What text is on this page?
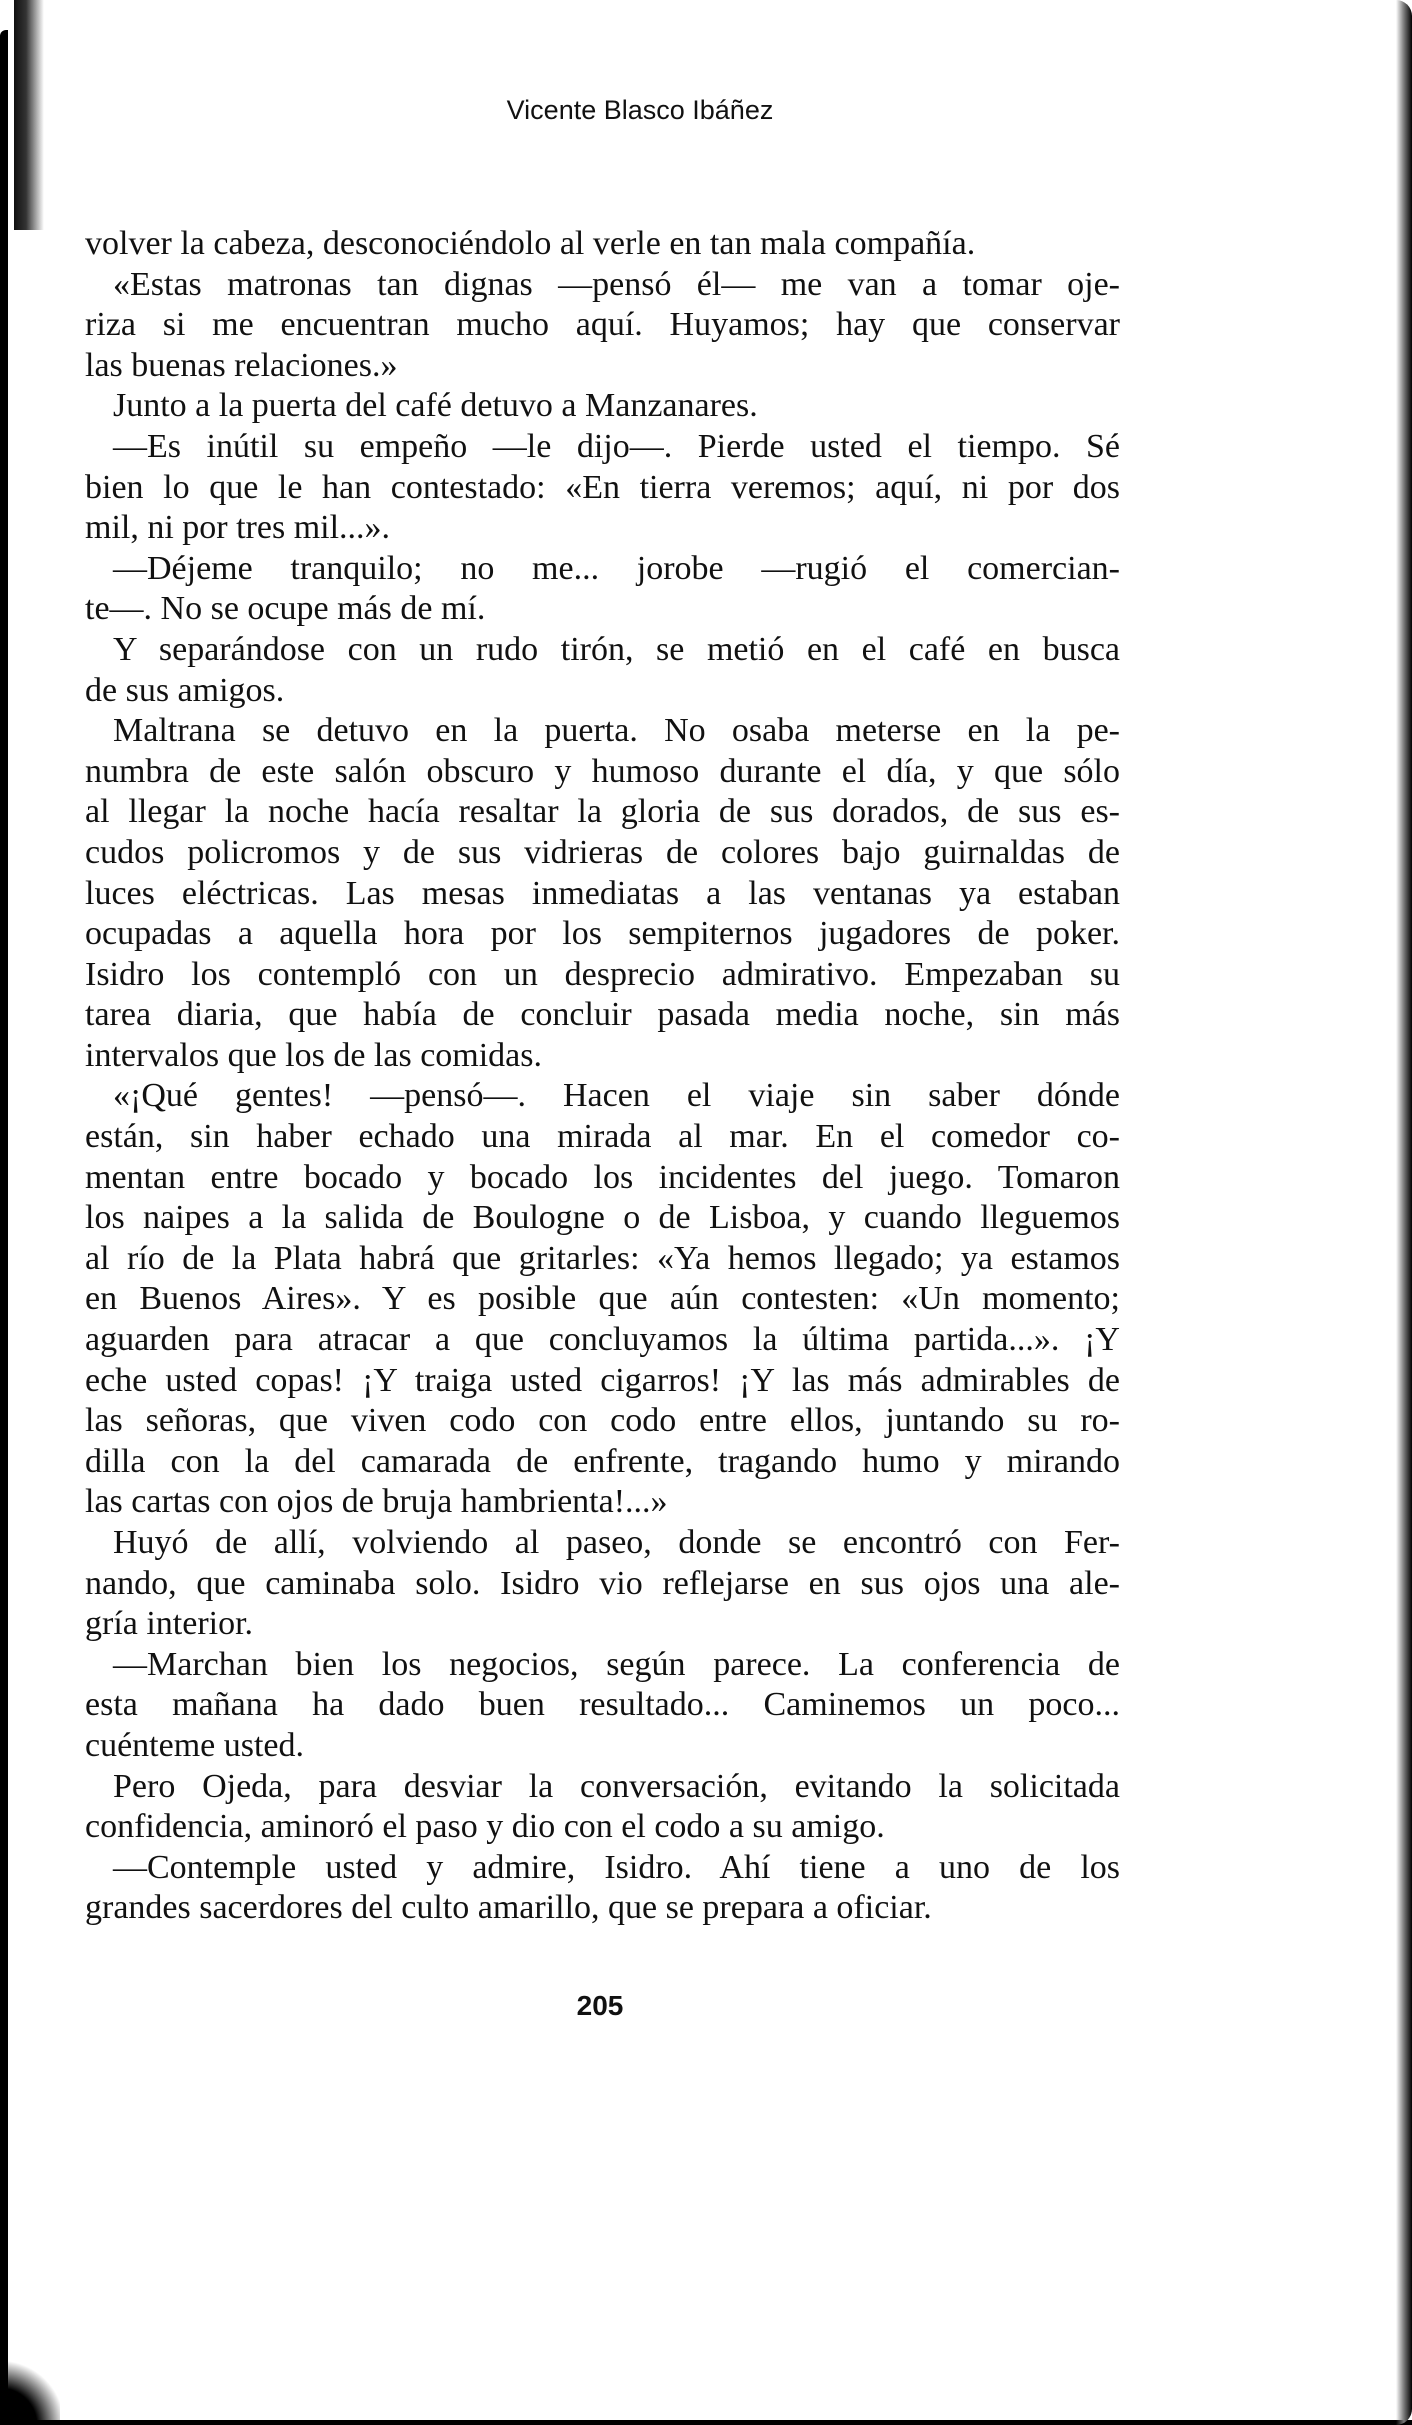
Vicente Blasco Ibáñez
volver la cabeza, desconociéndolo al verle en tan mala compañía.
«Estas matronas tan dignas —pensó él— me van a tomar oje-
riza si me encuentran mucho aquí. Huyamos; hay que conservar
las buenas relaciones.»
Junto a la puerta del café detuvo a Manzanares.
—Es inútil su empeño —le dijo—. Pierde usted el tiempo. Sé
bien lo que le han contestado: «En tierra veremos; aquí, ni por dos
mil, ni por tres mil...».
—Déjeme tranquilo; no me... jorobe —rugió el comercian-
te—. No se ocupe más de mí.
Y separándose con un rudo tirón, se metió en el café en busca
de sus amigos.
Maltrana se detuvo en la puerta. No osaba meterse en la pe-
numbra de este salón obscuro y humoso durante el día, y que sólo
al llegar la noche hacía resaltar la gloria de sus dorados, de sus es-
cudos policromos y de sus vidrieras de colores bajo guirnaldas de
luces eléctricas. Las mesas inmediatas a las ventanas ya estaban
ocupadas a aquella hora por los sempiternos jugadores de poker.
Isidro los contempló con un desprecio admirativo. Empezaban su
tarea diaria, que había de concluir pasada media noche, sin más
intervalos que los de las comidas.
«¡Qué gentes! —pensó—. Hacen el viaje sin saber dónde
están, sin haber echado una mirada al mar. En el comedor co-
mentan entre bocado y bocado los incidentes del juego. Tomaron
los naipes a la salida de Boulogne o de Lisboa, y cuando lleguemos
al río de la Plata habrá que gritarles: «Ya hemos llegado; ya estamos
en Buenos Aires». Y es posible que aún contesten: «Un momento;
aguarden para atracar a que concluyamos la última partida...». ¡Y
eche usted copas! ¡Y traiga usted cigarros! ¡Y las más admirables de
las señoras, que viven codo con codo entre ellos, juntando su ro-
dilla con la del camarada de enfrente, tragando humo y mirando
las cartas con ojos de bruja hambrienta!...»
Huyó de allí, volviendo al paseo, donde se encontró con Fer-
nando, que caminaba solo. Isidro vio reflejarse en sus ojos una ale-
gría interior.
—Marchan bien los negocios, según parece. La conferencia de
esta mañana ha dado buen resultado... Caminemos un poco...
cuénteme usted.
Pero Ojeda, para desviar la conversación, evitando la solicitada
confidencia, aminoró el paso y dio con el codo a su amigo.
—Contemple usted y admire, Isidro. Ahí tiene a uno de los
grandes sacerdores del culto amarillo, que se prepara a oficiar.
205
